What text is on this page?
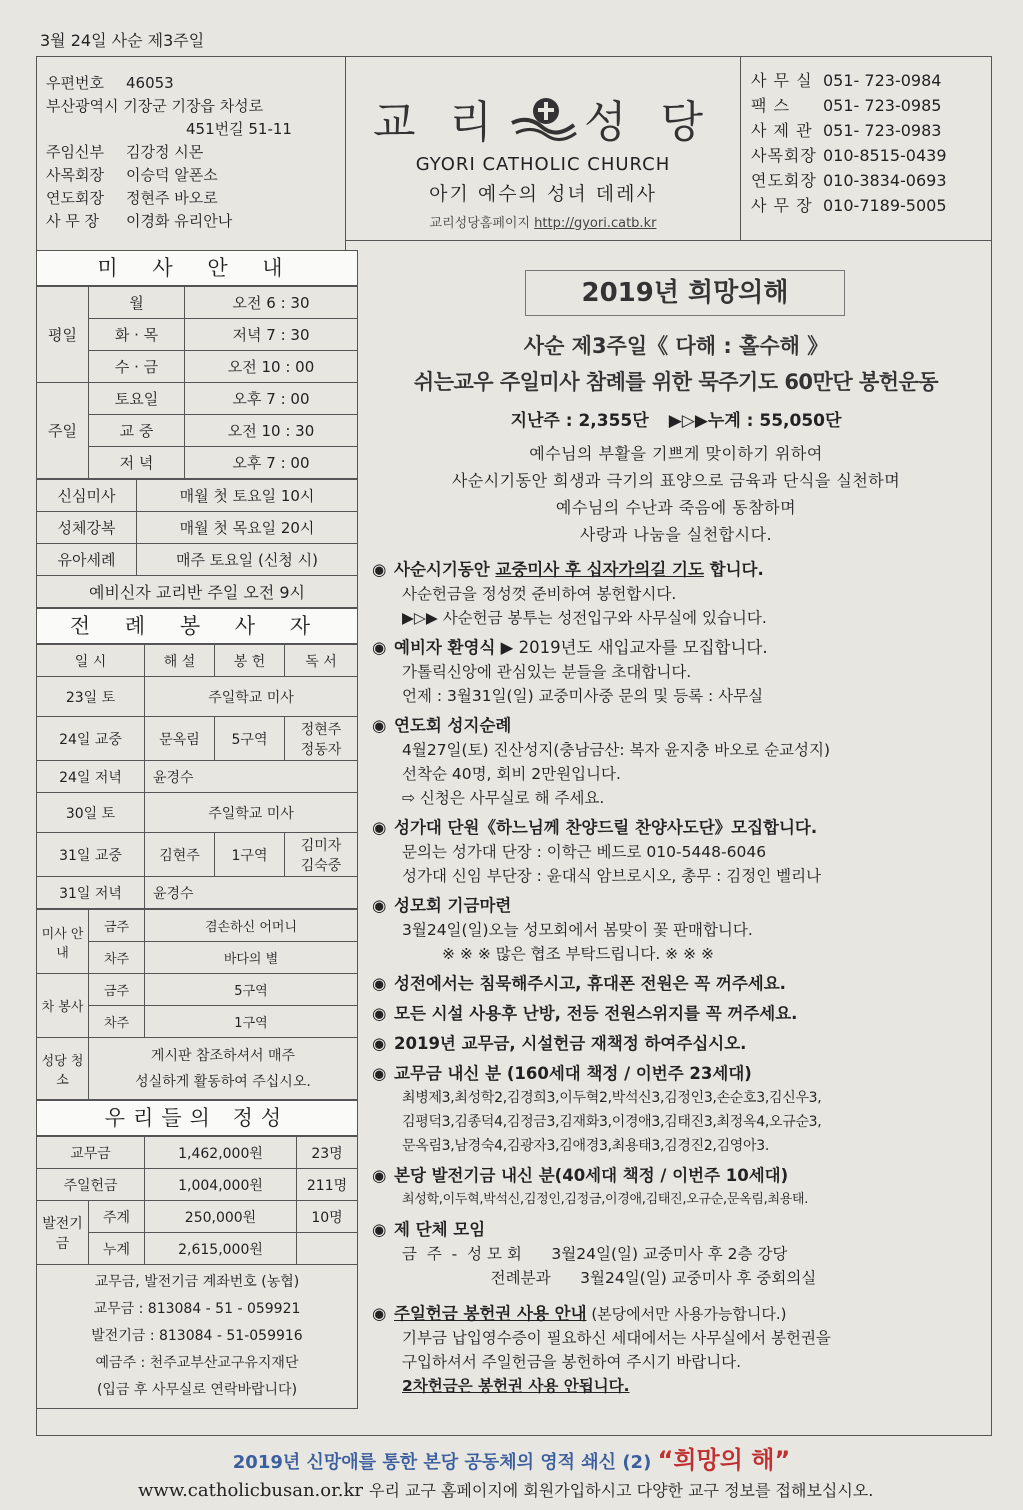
3월 24일 사순 제3주일
우편번호 46053
부산광역시 기장군 기장읍 차성로
451번길 51-11
주임신부 김강정 시몬
사목회장 이승덕 알폰소
연도회장 정현주 바오로
사 무 장 이경화 유리안나
교 리 성 당
GYORI CATHOLIC CHURCH
아기 예수의 성녀 데레사
교리성당홈페이지 http://gyori.catb.kr
사 무 실 051- 723-0984
팩 스 051- 723-0985
사 제 관 051- 723-0983
사목회장 010-8515-0439
연도회장 010-3834-0693
사 무 장 010-7189-5005
미 사 안 내
평일	월	오전 6 : 30
	화 · 목	저녁 7 : 30
	수 · 금	오전 10 : 00
주일	토요일	오후 7 : 00
	교 중	오전 10 : 30
	저 녁	오후 7 : 00
신심미사	매월 첫 토요일 10시
성체강복	매월 첫 목요일 20시
유아세례	매주 토요일 (신청 시)
예비신자 교리반 주일 오전 9시	
전 례 봉 사 자
일 시	해 설	봉 헌	독 서
23일 토	주일학교 미사		
24일 교중	문옥림	5구역	정현주
정동자

24일 저녁	윤경수		
30일 토	주일학교 미사		
31일 교중	김현주	1구역	김미자
김숙중

31일 저녁	윤경수		
미사 안내	금주	겸손하신 어머니
	차주	바다의 별
차 봉사	금주	5구역
	차주	1구역
성당 청소	게시판 참조하셔서 매주
성실하게 활동하여 주십시오.	
우리들의 정성
교무금		1,462,000원	23명
주일헌금		1,004,000원	211명
발전기금	주계	250,000원	10명
	누계	2,615,000원	
교무금, 발전기금 계좌번호 (농협)
교무금 : 813084 - 51 - 059921
발전기금 : 813084 - 51-059916
예금주 : 천주교부산교구유지재단
(입금 후 사무실로 연락바랍니다)
2019년 희망의해
사순 제3주일《 다해 : 홀수해 》
쉬는교우 주일미사 참례를 위한 묵주기도 60만단 봉헌운동
지난주 : 2,355단 ▶▷▶누계 : 55,050단
예수님의 부활을 기쁘게 맞이하기 위하여
사순시기동안 희생과 극기의 표양으로 금육과 단식을 실천하며
예수님의 수난과 죽음에 동참하며
사랑과 나눔을 실천합시다.
◉ 사순시기동안 교중미사 후 십자가의길 기도 합니다.
사순헌금을 정성껏 준비하여 봉헌합시다.
▶▷▶ 사순헌금 봉투는 성전입구와 사무실에 있습니다.
◉ 예비자 환영식 ▶ 2019년도 새입교자를 모집합니다.
가톨릭신앙에 관심있는 분들을 초대합니다.
언제 : 3월31일(일) 교중미사중 문의 및 등록 : 사무실
◉ 연도회 성지순례
4월27일(토) 진산성지(충남금산: 복자 윤지충 바오로 순교성지)
선착순 40명, 회비 2만원입니다.
⇨ 신청은 사무실로 해 주세요.
◉ 성가대 단원《하느님께 찬양드릴 찬양사도단》모집합니다.
문의는 성가대 단장 : 이학근 베드로 010-5448-6046
성가대 신임 부단장 : 윤대식 암브로시오, 총무 : 김정인 벨리나
◉ 성모회 기금마련
3월24일(일)오늘 성모회에서 봄맞이 꽃 판매합니다.
※ ※ ※ 많은 협조 부탁드립니다. ※ ※ ※
◉ 성전에서는 침묵해주시고, 휴대폰 전원은 꼭 꺼주세요.
◉ 모든 시설 사용후 난방, 전등 전원스위지를 꼭 꺼주세요.
◉ 2019년 교무금, 시설헌금 재책정 하여주십시오.
◉ 교무금 내신 분 (160세대 책정 / 이번주 23세대)
최병제3,최성학2,김경희3,이두혁2,박석신3,김정인3,손순호3,김신우3,
김평덕3,김종덕4,김정금3,김재화3,이경애3,김태진3,최정옥4,오규순3,
문옥림3,남경숙4,김광자3,김애경3,최용태3,김경진2,김영아3.
◉ 본당 발전기금 내신 분(40세대 책정 / 이번주 10세대)
최성학,이두혁,박석신,김정인,김정금,이경애,김태진,오규순,문옥림,최용태.
◉ 제 단체 모임
금  주  -  성 모 회      3월24일(일) 교중미사 후 2층 강당
전례분과      3월24일(일) 교중미사 후 중회의실
◉ 주일헌금 봉헌권 사용 안내 (본당에서만 사용가능합니다.)
기부금 납입영수증이 필요하신 세대에서는 사무실에서 봉헌권을
구입하셔서 주일헌금을 봉헌하여 주시기 바랍니다.
2차헌금은 봉헌권 사용 안됩니다.
2019년 신망애를 통한 본당 공동체의 영적 쇄신 (2) “희망의 해”
www.catholicbusan.or.kr 우리 교구 홈페이지에 회원가입하시고 다양한 교구 정보를 접해보십시오.
